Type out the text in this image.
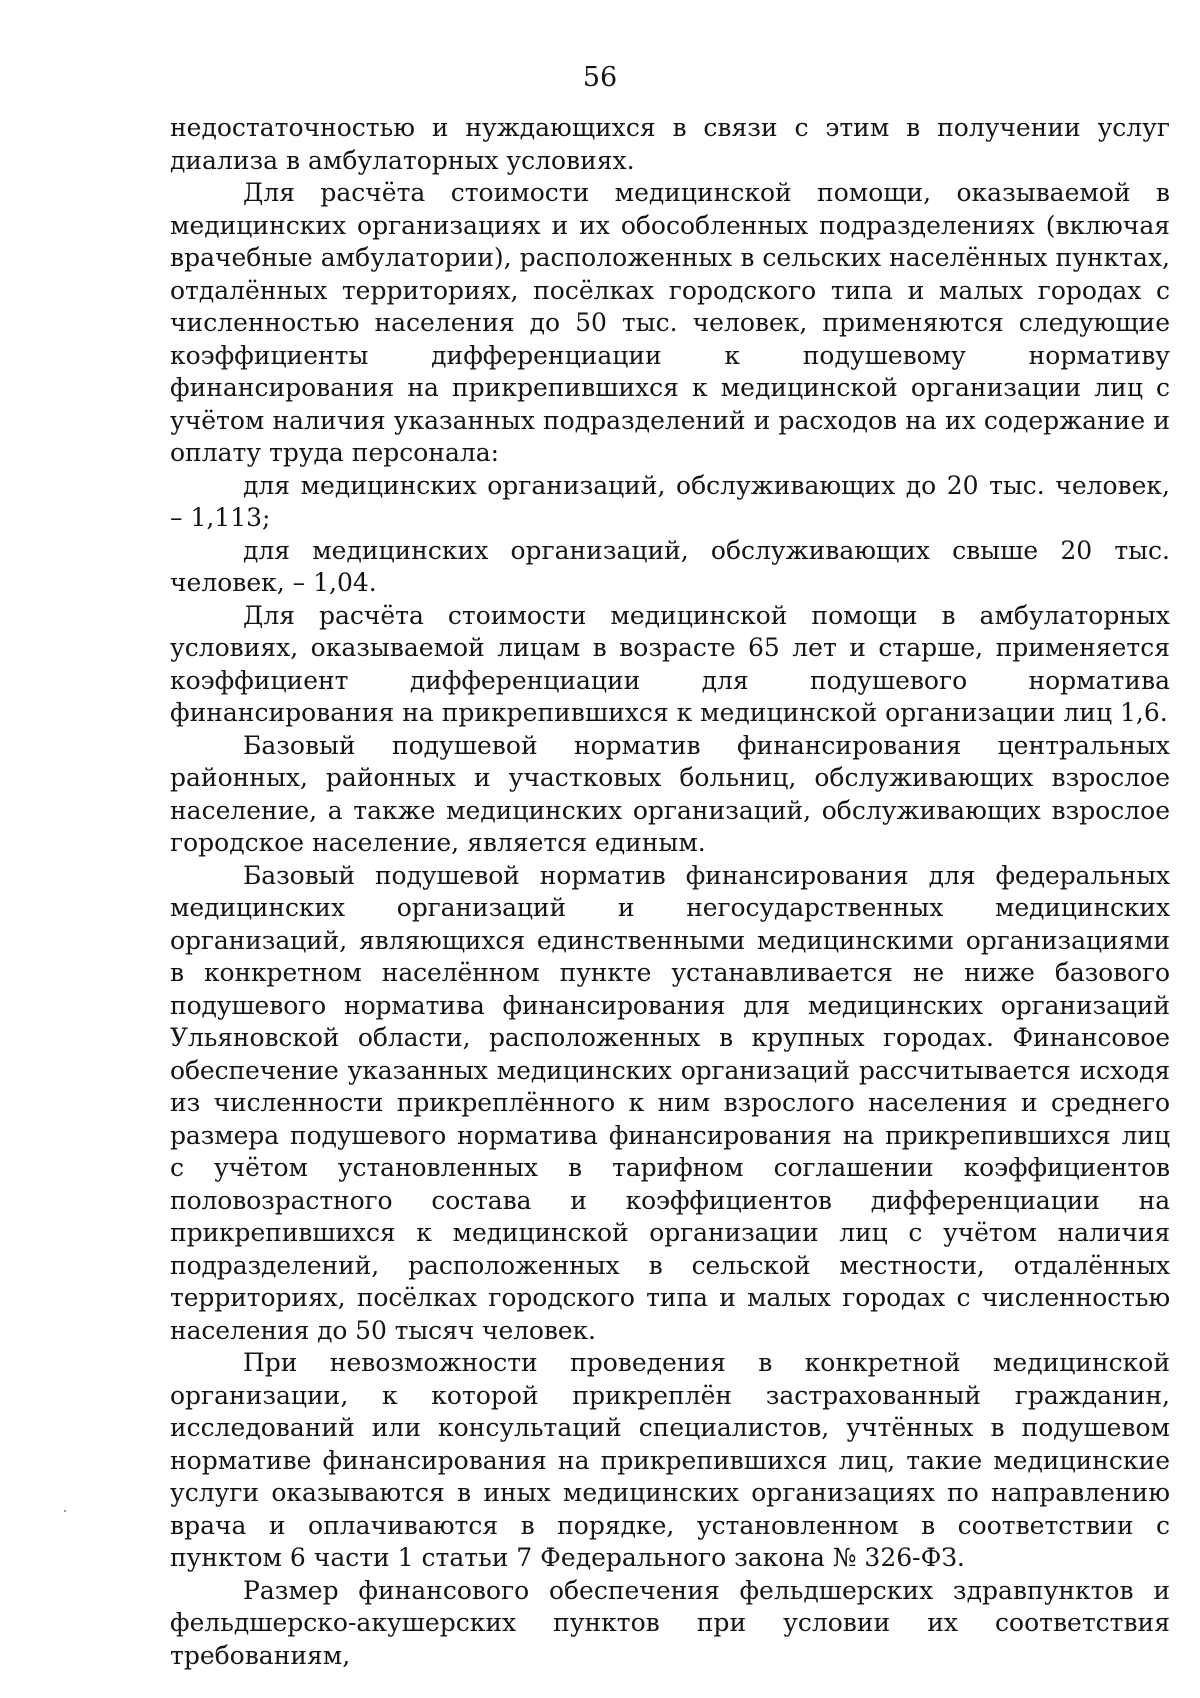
56

недостаточностью и нуждающихся в связи с этим в получении услуг диализа в амбулаторных условиях.

Для расчёта стоимости медицинской помощи, оказываемой в медицинских организациях и их обособленных подразделениях (включая врачебные амбулатории), расположенных в сельских населённых пунктах, отдалённых территориях, посёлках городского типа и малых городах с численностью населения до 50 тыс. человек, применяются следующие коэффициенты дифференциации к подушевому нормативу финансирования на прикрепившихся к медицинской организации лиц с учётом наличия указанных подразделений и расходов на их содержание и оплату труда персонала:

для медицинских организаций, обслуживающих до 20 тыс. человек, – 1,113;

для медицинских организаций, обслуживающих свыше 20 тыс. человек, – 1,04.

Для расчёта стоимости медицинской помощи в амбулаторных условиях, оказываемой лицам в возрасте 65 лет и старше, применяется коэффициент дифференциации для подушевого норматива финансирования на прикрепившихся к медицинской организации лиц 1,6.

Базовый подушевой норматив финансирования центральных районных, районных и участковых больниц, обслуживающих взрослое население, а также медицинских организаций, обслуживающих взрослое городское население, является единым.

Базовый подушевой норматив финансирования для федеральных медицинских организаций и негосударственных медицинских организаций, являющихся единственными медицинскими организациями в конкретном населённом пункте устанавливается не ниже базового подушевого норматива финансирования для медицинских организаций Ульяновской области, расположенных в крупных городах. Финансовое обеспечение указанных медицинских организаций рассчитывается исходя из численности прикреплённого к ним взрослого населения и среднего размера подушевого норматива финансирования на прикрепившихся лиц с учётом установленных в тарифном соглашении коэффициентов половозрастного состава и коэффициентов дифференциации на прикрепившихся к медицинской организации лиц с учётом наличия подразделений, расположенных в сельской местности, отдалённых территориях, посёлках городского типа и малых городах с численностью населения до 50 тысяч человек.

При невозможности проведения в конкретной медицинской организации, к которой прикреплён застрахованный гражданин, исследований или консультаций специалистов, учтённых в подушевом нормативе финансирования на прикрепившихся лиц, такие медицинские услуги оказываются в иных медицинских организациях по направлению врача и оплачиваются в порядке, установленном в соответствии с пунктом 6 части 1 статьи 7 Федерального закона № 326-ФЗ.

Размер финансового обеспечения фельдшерских здравпунктов и фельдшерско-акушерских пунктов при условии их соответствия требованиям,
